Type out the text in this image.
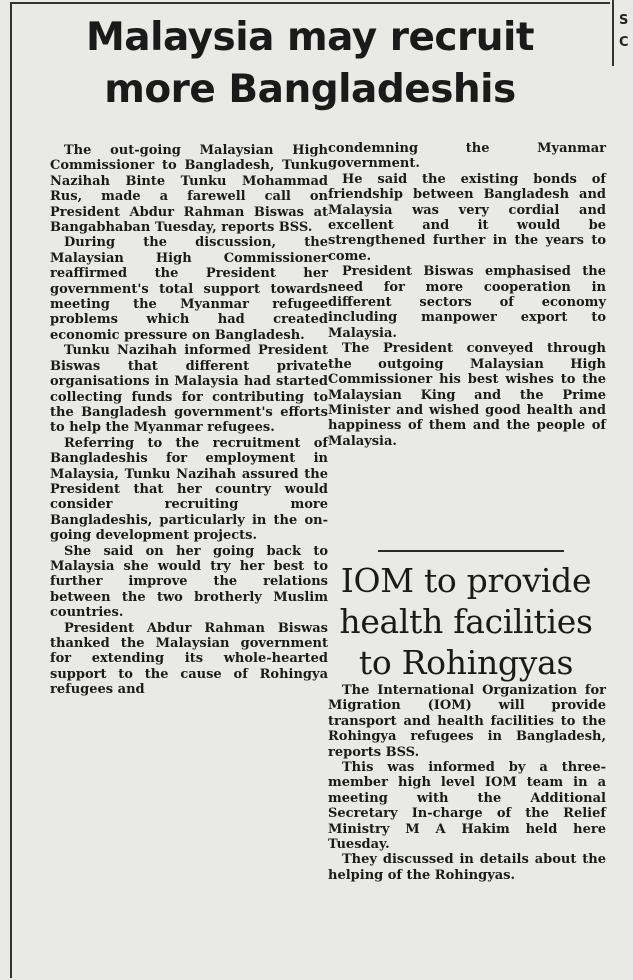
S C
Malaysia may recruit
more Bangladeshis

The out-going Malaysian High Commissioner to Bangladesh, Tunku Nazihah Binte Tunku Mohammad Rus, made a farewell call on President Abdur Rahman Biswas at Bangabhaban Tuesday, reports BSS.

During the discussion, the Malaysian High Commissioner reaffirmed the President her government's total support towards meeting the Myanmar refugee problems which had created economic pressure on Bangladesh.

Tunku Nazihah informed President Biswas that different private organisations in Malaysia had started collecting funds for contributing to the Bangladesh government's efforts to help the Myanmar refugees.

Referring to the recruitment of Bangladeshis for employment in Malaysia, Tunku Nazihah assured the President that her country would consider recruiting more Bangladeshis, particularly in the on-going development projects.

She said on her going back to Malaysia she would try her best to further improve the relations between the two brotherly Muslim countries.

President Abdur Rahman Biswas thanked the Malaysian government for extending its whole-hearted support to the cause of Rohingya refugees and

condemning the Myanmar government.

He said the existing bonds of friendship between Bangladesh and Malaysia was very cordial and excellent and it would be strengthened further in the years to come.

President Biswas emphasised the need for more cooperation in different sectors of economy including manpower export to Malaysia.

The President conveyed through the outgoing Malaysian High Commissioner his best wishes to the Malaysian King and the Prime Minister and wished good health and happiness of them and the people of Malaysia.

IOM to provide
health facilities
to Rohingyas

The International Organization for Migration (IOM) will provide transport and health facilities to the Rohingya refugees in Bangladesh, reports BSS.

This was informed by a three-member high level IOM team in a meeting with the Additional Secretary In-charge of the Relief Ministry M A Hakim held here Tuesday.

They discussed in details about the helping of the Rohingyas.
